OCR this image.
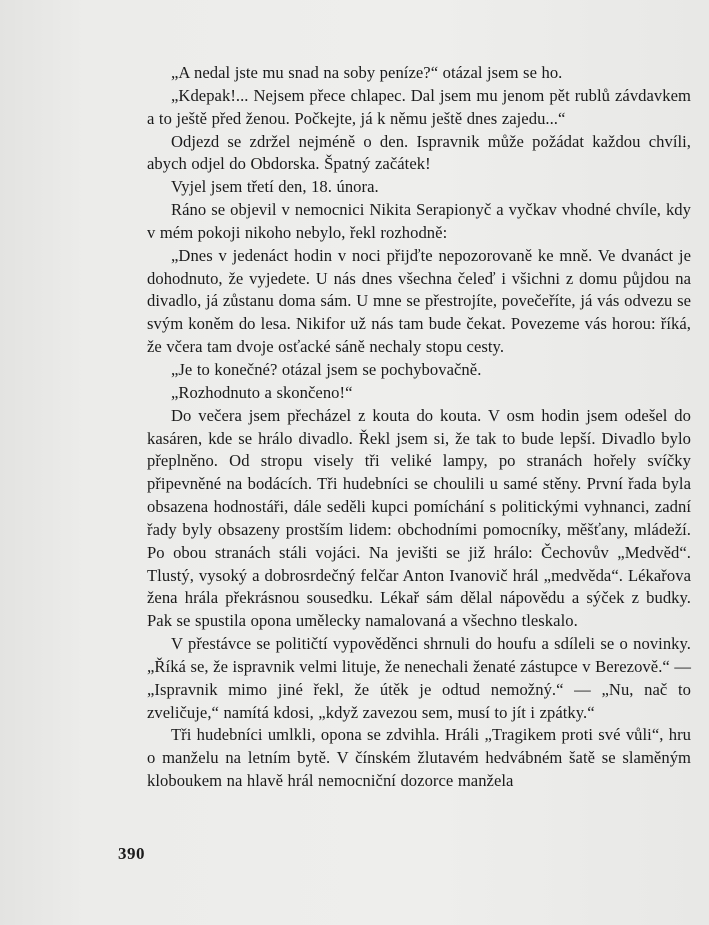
„A nedal jste mu snad na soby peníze?“ otázal jsem se ho.

„Kdepak!... Nejsem přece chlapec. Dal jsem mu jenom pět rublů závdavkem a to ještě před ženou. Počkejte, já k němu ještě dnes zajedu...“

Odjezd se zdržel nejméně o den. Ispravnik může požádat každou chvíli, abych odjel do Obdorska. Špatný začátek!

Vyjel jsem třetí den, 18. února.

Ráno se objevil v nemocnici Nikita Serapionyč a vyčkav vhodné chvíle, kdy v mém pokoji nikoho nebylo, řekl rozhodně:

„Dnes v jedenáct hodin v noci přijďte nepozorovaně ke mně. Ve dvanáct je dohodnuto, že vyjedete. U nás dnes všechna čeleď i všichni z domu půjdou na divadlo, já zůstanu doma sám. U mne se přestrojíte, povečeříte, já vás odvezu se svým koněm do lesa. Nikifor už nás tam bude čekat. Povezeme vás horou: říká, že včera tam dvoje osťacké sáně nechaly stopu cesty.

„Je to konečné? otázal jsem se pochybovačně.

„Rozhodnuto a skončeno!“

Do večera jsem přecházel z kouta do kouta. V osm hodin jsem odešel do kasáren, kde se hrálo divadlo. Řekl jsem si, že tak to bude lepší. Divadlo bylo přeplněno. Od stropu visely tři veliké lampy, po stranách hořely svíčky připevněné na bodácích. Tři hudebníci se choulili u samé stěny. První řada byla obsazena hodnostáři, dále seděli kupci pomíchání s politickými vyhnanci, zadní řady byly obsazeny prostším lidem: obchodními pomocníky, měšťany, mládeží. Po obou stranách stáli vojáci. Na jevišti se již hrálo: Čechovův „Medvěd“. Tlustý, vysoký a dobrosrdečný felčar Anton Ivanovič hrál „medvěda“. Lékařova žena hrála překrásnou sousedku. Lékař sám dělal nápovědu a sýček z budky. Pak se spustila opona umělecky namalovaná a všechno tleskalo.

V přestávce se političtí vypověděnci shrnuli do houfu a sdíleli se o novinky. „Říká se, že ispravnik velmi lituje, že nenechali ženaté zástupce v Berezově.“ — „Ispravnik mimo jiné řekl, že útěk je odtud nemožný.“ — „Nu, nač to zveličuje,“ namítá kdosi, „když zavezou sem, musí to jít i zpátky.“

Tři hudebníci umlkli, opona se zdvihla. Hráli „Tragikem proti své vůli“, hru o manželu na letním bytě. V čínském žlutavém hedvábném šatě se slaměným kloboukem na hlavě hrál nemocniční dozorce manžela

390
